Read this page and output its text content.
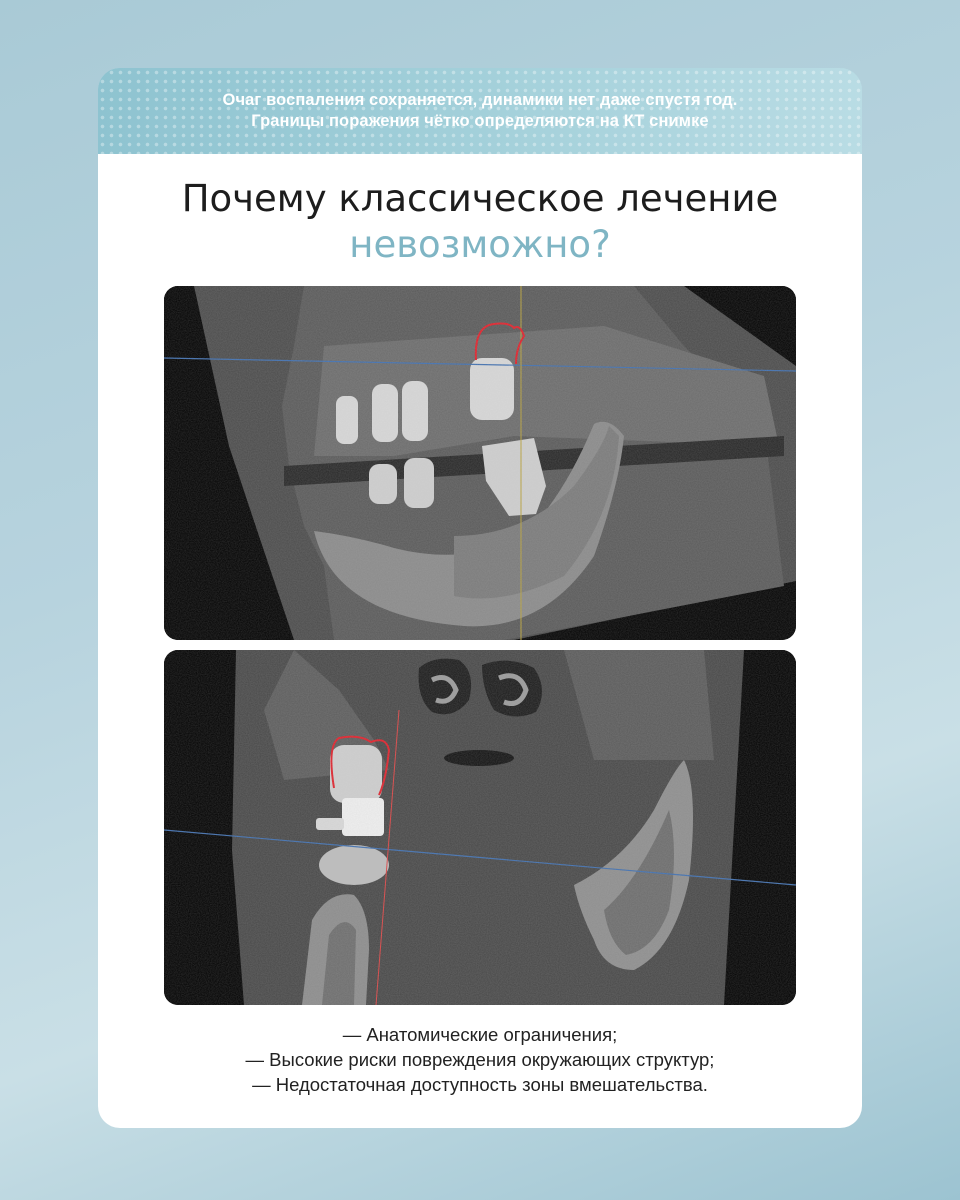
Очаг воспаления сохраняется, динамики нет даже спустя год.
Границы поражения чётко определяются на КТ снимке
Почему классическое лечение
невозможно?
— Анатомические ограничения;
— Высокие риски повреждения окружающих структур;
— Недостаточная доступность зоны вмешательства.
